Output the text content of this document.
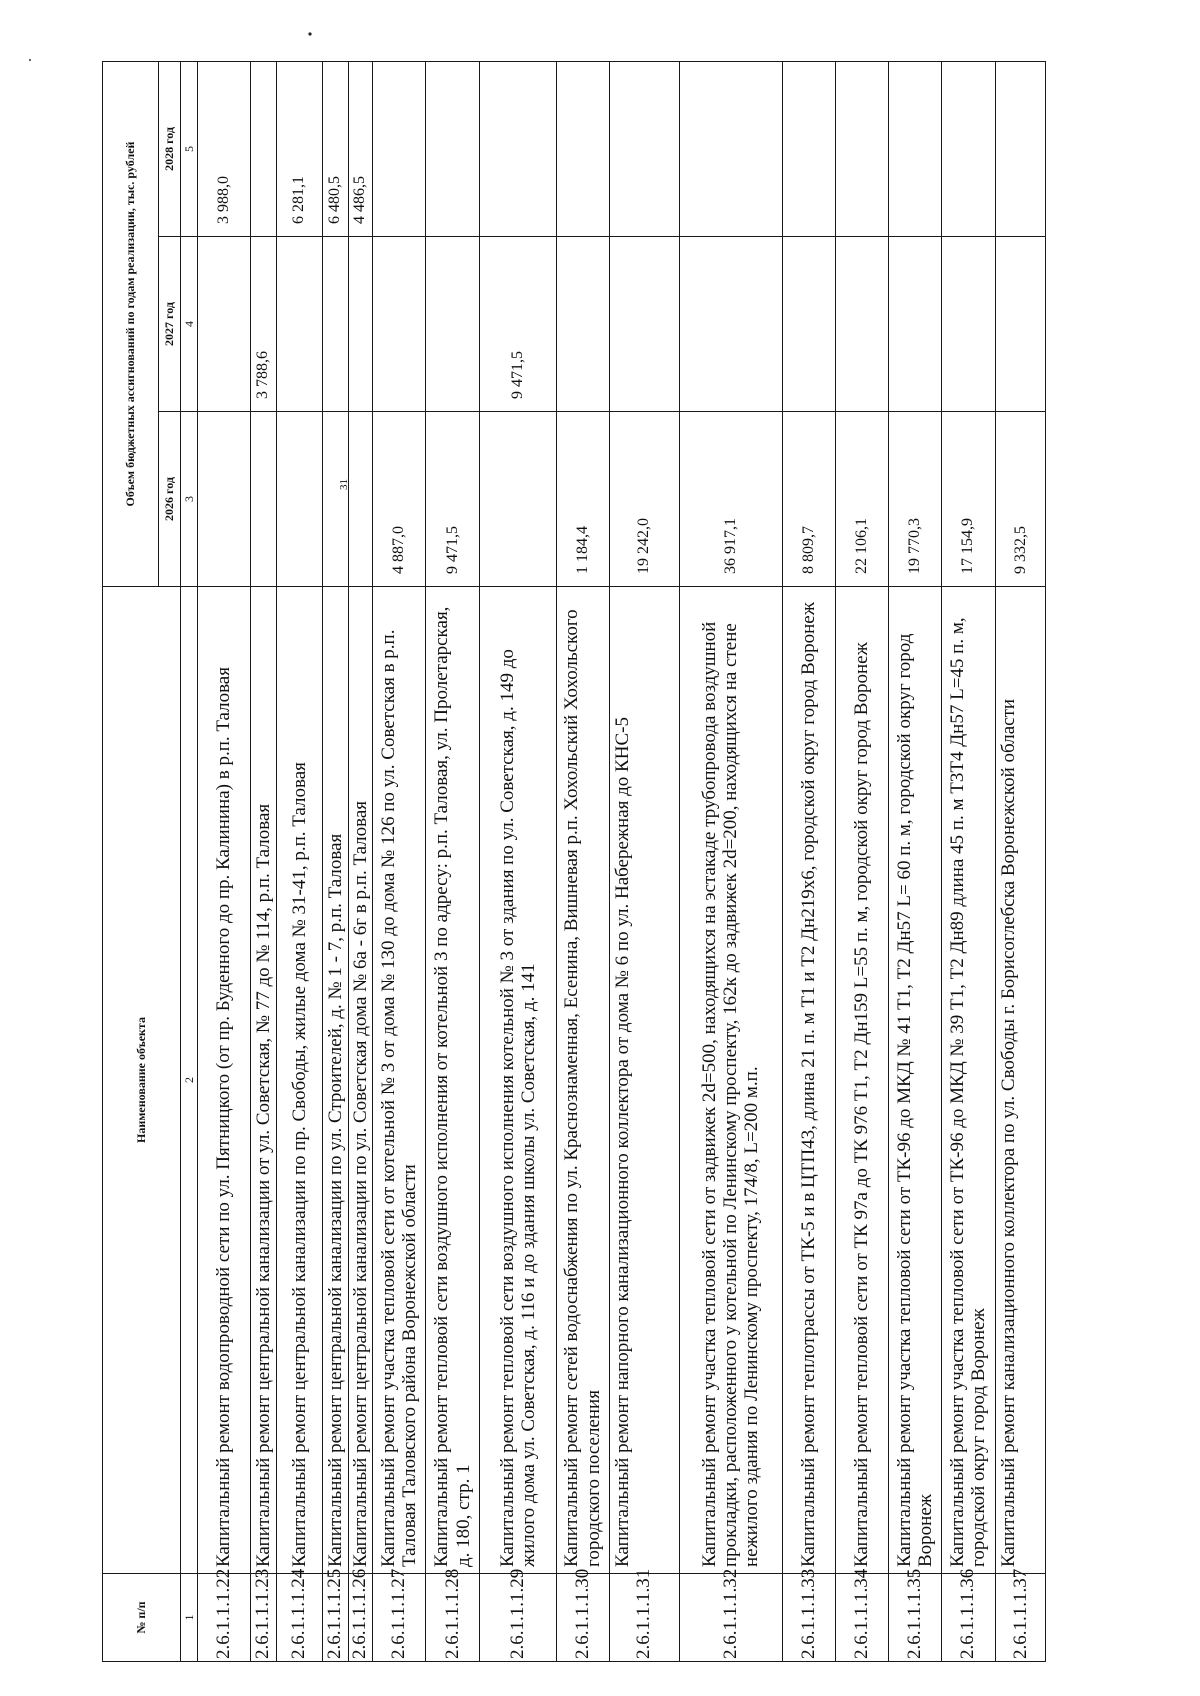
31
№ п/п	Наименование объекта	Объем бюджетных ассигнований по годам реализации, тыс. рублей		
		2026 год	2027 год	2028 год
1	2	3	4	5
2.6.1.1.1.22	Капитальный ремонт водопроводной сети по ул. Пятницкого (от пр. Буденного до пр. Калинина) в р.п. Таловая			3 988,0
2.6.1.1.1.23	Капитальный ремонт центральной канализации от ул. Советская, № 77 до № 114, р.п. Таловая		3 788,6	
2.6.1.1.1.24	Капитальный ремонт центральной канализации по пр. Свободы, жилые дома № 31-41, р.п. Таловая			6 281,1
2.6.1.1.1.25	Капитальный ремонт центральной канализации по ул. Строителей, д. № 1 - 7, р.п. Таловая			6 480,5
2.6.1.1.1.26	Капитальный ремонт центральной канализации по ул. Советская дома № 6а - 6г в р.п. Таловая			4 486,5
2.6.1.1.1.27	Капитальный ремонт участка тепловой сети от котельной № 3 от дома № 130 до дома № 126 по ул. Советская в р.п. Таловая Таловского района Воронежской области	4 887,0		
2.6.1.1.1.28	Капитальный ремонт тепловой сети воздушного исполнения от котельной 3 по адресу: р.п. Таловая, ул. Пролетарская, д. 180, стр. 1	9 471,5		
2.6.1.1.1.29	Капитальный ремонт тепловой сети воздушного исполнения котельной № 3 от здания по ул. Советская, д. 149 до жилого дома ул. Советская, д. 116 и до здания школы ул. Советская, д. 141		9 471,5	
2.6.1.1.1.30	Капитальный ремонт сетей водоснабжения по ул. Краснознаменная, Есенина, Вишневая р.п. Хохольский Хохольского городского поселения	1 184,4		
2.6.1.1.1.31	Капитальный ремонт напорного канализационного коллектора от дома № 6 по ул. Набережная до КНС-5	19 242,0		
2.6.1.1.1.32	Капитальный ремонт участка тепловой сети от задвижек 2d=500, находящихся на эстакаде трубопровода воздушной прокладки, расположенного у котельной по Ленинскому проспекту, 162к до задвижек 2d=200, находящихся на стене нежилого здания по Ленинскому проспекту, 174/8, L=200 м.п.	36 917,1		
2.6.1.1.1.33	Капитальный ремонт теплотрассы от ТК-5 и в ЦТП43, длина 21 п. м Т1 и Т2 Дн219х6, городской округ город Воронеж	8 809,7		
2.6.1.1.1.34	Капитальный ремонт тепловой сети от ТК 97а до ТК 976 Т1, Т2 Дн159 L=55 п. м, городской округ город Воронеж	22 106,1		
2.6.1.1.1.35	Капитальный ремонт участка тепловой сети от ТК-96 до МКД № 41 Т1, Т2 Дн57 L= 60 п. м, городской округ город Воронеж	19 770,3		
2.6.1.1.1.36	Капитальный ремонт участка тепловой сети от ТК-96 до МКД № 39 Т1, Т2 Дн89 длина 45 п. м Т3Т4 Дн57 L=45 п. м, городской округ город Воронеж	17 154,9		
2.6.1.1.1.37	Капитальный ремонт канализационного коллектора по ул. Свободы г. Борисоглебска Воронежской области	9 332,5		
